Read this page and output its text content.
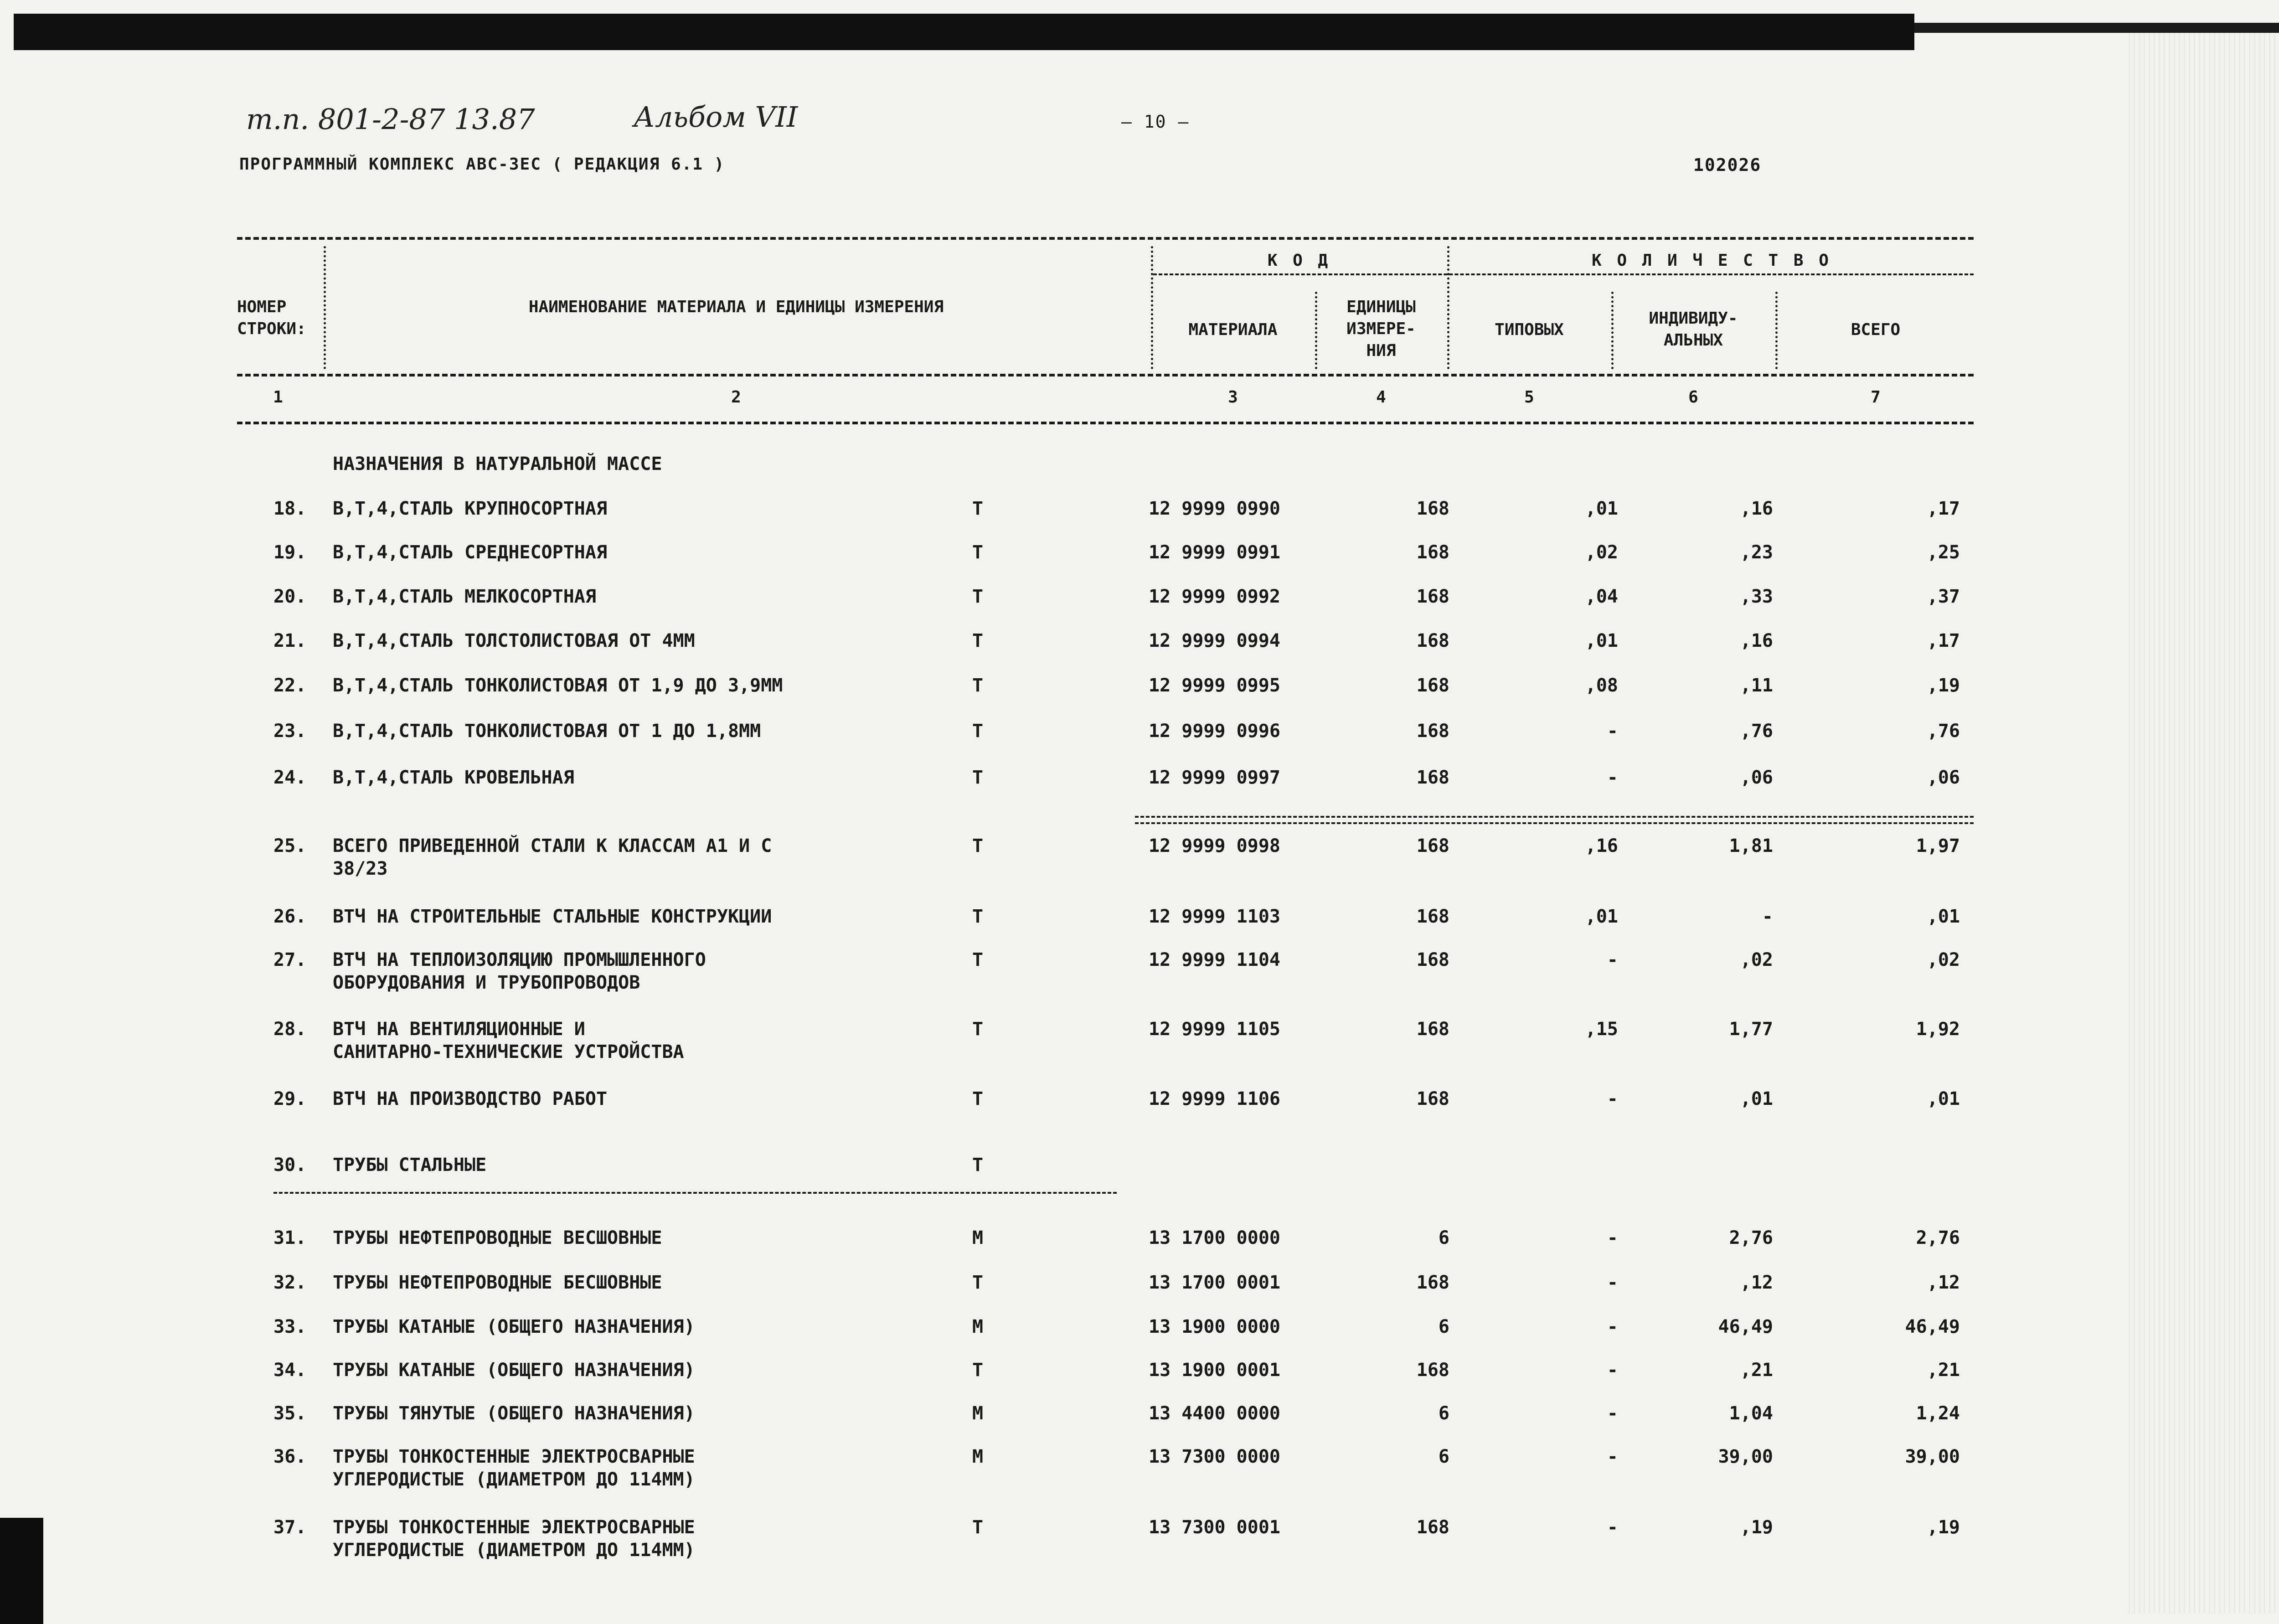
т.п. 801-2-87 13.87	Альбом VII	— 10 —
ПРОГРАММНЫЙ КОМПЛЕКС АВС-3ЕС ( РЕДАКЦИЯ 6.1 )	102026
НОМЕР
СТРОКИ:
НАИМЕНОВАНИЕ МАТЕРИАЛА И ЕДИНИЦЫ ИЗМЕРЕНИЯ
К О Д	К О Л И Ч Е С Т В О
МАТЕРИАЛА
ЕДИНИЦЫ
ИЗМЕРЕ-
НИЯ
ТИПОВЫХ
ИНДИВИДУ-
АЛЬНЫХ
ВСЕГО
1	2	3	4	5	6	7
НАЗНАЧЕНИЯ В НАТУРАЛЬНОЙ МАССЕ
18. В,Т,4,СТАЛЬ КРУПНОСОРТНАЯ	Т	12 9999 0990	168	,01	,16	,17
19. В,Т,4,СТАЛЬ СРЕДНЕСОРТНАЯ	Т	12 9999 0991	168	,02	,23	,25
20. В,Т,4,СТАЛЬ МЕЛКОСОРТНАЯ	Т	12 9999 0992	168	,04	,33	,37
21. В,Т,4,СТАЛЬ ТОЛСТОЛИСТОВАЯ ОТ 4ММ	Т	12 9999 0994	168	,01	,16	,17
22. В,Т,4,СТАЛЬ ТОНКОЛИСТОВАЯ ОТ 1,9 ДО 3,9ММ	Т	12 9999 0995	168	,08	,11	,19
23. В,Т,4,СТАЛЬ ТОНКОЛИСТОВАЯ ОТ 1 ДО 1,8ММ	Т	12 9999 0996	168	-	,76	,76
24. В,Т,4,СТАЛЬ КРОВЕЛЬНАЯ	Т	12 9999 0997	168	-	,06	,06
25. ВСЕГО ПРИВЕДЕННОЙ СТАЛИ К КЛАССАМ А1 И С	Т	12 9999 0998	168	,16	1,81	1,97
38/23
26. ВТЧ НА СТРОИТЕЛЬНЫЕ СТАЛЬНЫЕ КОНСТРУКЦИИ	Т	12 9999 1103	168	,01	-	,01
27. ВТЧ НА ТЕПЛОИЗОЛЯЦИЮ ПРОМЫШЛЕННОГО	Т	12 9999 1104	168	-	,02	,02
ОБОРУДОВАНИЯ И ТРУБОПРОВОДОВ
28. ВТЧ НА ВЕНТИЛЯЦИОННЫЕ И	Т	12 9999 1105	168	,15	1,77	1,92
САНИТАРНО-ТЕХНИЧЕСКИЕ УСТРОЙСТВА
29. ВТЧ НА ПРОИЗВОДСТВО РАБОТ	Т	12 9999 1106	168	-	,01	,01
30. ТРУБЫ СТАЛЬНЫЕ	Т
31. ТРУБЫ НЕФТЕПРОВОДНЫЕ ВЕСШОВНЫЕ	М	13 1700 0000	6	-	2,76	2,76
32. ТРУБЫ НЕФТЕПРОВОДНЫЕ БЕСШОВНЫЕ	Т	13 1700 0001	168	-	,12	,12
33. ТРУБЫ КАТАНЫЕ (ОБЩЕГО НАЗНАЧЕНИЯ)	М	13 1900 0000	6	-	46,49	46,49
34. ТРУБЫ КАТАНЫЕ (ОБЩЕГО НАЗНАЧЕНИЯ)	Т	13 1900 0001	168	-	,21	,21
35. ТРУБЫ ТЯНУТЫЕ (ОБЩЕГО НАЗНАЧЕНИЯ)	М	13 4400 0000	6	-	1,04	1,24
36. ТРУБЫ ТОНКОСТЕННЫЕ ЭЛЕКТРОСВАРНЫЕ	М	13 7300 0000	6	-	39,00	39,00
УГЛЕРОДИСТЫЕ (ДИАМЕТРОМ ДО 114ММ)
37. ТРУБЫ ТОНКОСТЕННЫЕ ЭЛЕКТРОСВАРНЫЕ	Т	13 7300 0001	168	-	,19	,19
УГЛЕРОДИСТЫЕ (ДИАМЕТРОМ ДО 114ММ)
